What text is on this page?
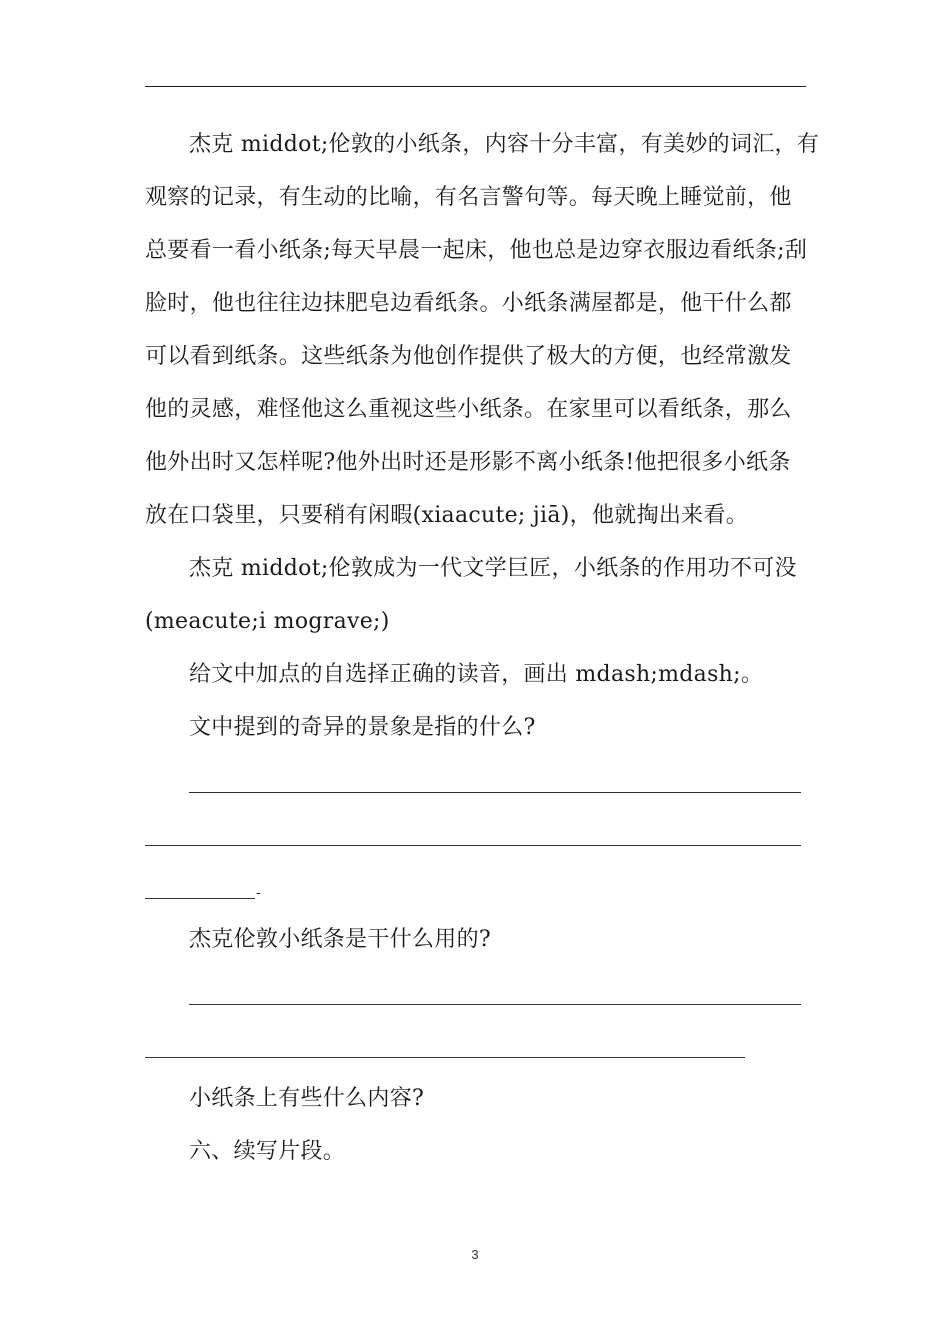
杰克 middot;伦敦的小纸条，内容十分丰富，有美妙的词汇，有
观察的记录，有生动的比喻，有名言警句等。每天晚上睡觉前，他
总要看一看小纸条;每天早晨一起床，他也总是边穿衣服边看纸条;刮
脸时，他也往往边抹肥皂边看纸条。小纸条满屋都是，他干什么都
可以看到纸条。这些纸条为他创作提供了极大的方便，也经常激发
他的灵感，难怪他这么重视这些小纸条。在家里可以看纸条，那么
他外出时又怎样呢?他外出时还是形影不离小纸条!他把很多小纸条
放在口袋里，只要稍有闲暇(xiaacute; jiā)，他就掏出来看。
杰克 middot;伦敦成为一代文学巨匠，小纸条的作用功不可没
(meacute;i mograve;)
给文中加点的自选择正确的读音，画出 mdash;mdash;。
文中提到的奇异的景象是指的什么?
-
杰克伦敦小纸条是干什么用的?
小纸条上有些什么内容?
六、续写片段。
3
